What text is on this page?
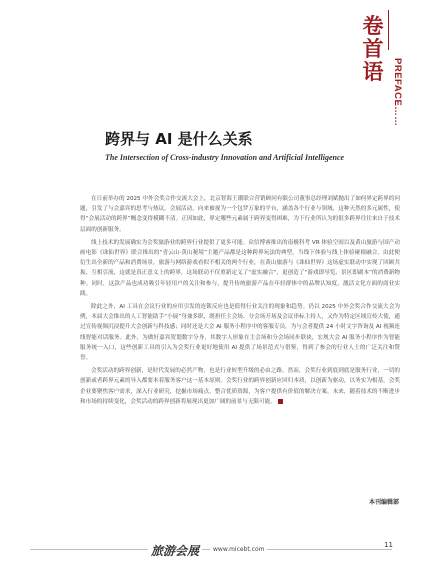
卷
首
语 PREFACE……
跨界与 AI 是什么关系

The Intersection of Cross-industry Innovation and Artificial Intelligence

在日前举办的 2025 中外会奖合作交流大会上，北京智海王潮联合营销顾问有限公司董事总经理刘斌抛出了如何界定跨界的问题，引发了与会嘉宾的思考与热议。会展活动，向来被视为一个包罗万象的平台，涵盖各个行业与领域，这种天然的多元属性，使得“会展活动的跨界”概念变得模糊不清。正因如此，界定哪些元素属于跨界变得困难，为下行业所认为的很多跨界往往来自于技术层面的创新服务。

线上技术的发展确实为会奖旅游业的跨界行业提供了更多可能。众信博睿推出的南极科考 VR 体验空间以及黄山旅游与国产动画电影《诛仙世界》联合推出的“青云山·黄山秘境”主题产品都是这种跨界玩法的典型。当线下体验与线上体验碰撞融合，由此便衍生出全新的产品和消费场景，旅游与网络游戏看似不相关的两个行业，在黄山旅游与《诛仙世界》这场虚实联动中实现了回顾共振、互相引流，这就是真正意义上的跨界，这场联动不仅重新定义了“虚实融合”，更创造了“游戏即导览、景区即副本”的消费新物种。同时，这款产品也成功吸引年轻用户的关注和参与，提升传统旅游产品在年轻群体中的品牌认知度，激活文化方面的商业实践。

除此之外，AI 工具在会议行业的应用引发的连锁反应也是值得行业关注的现象和趋势。仍以 2025 中外会奖合作交流大会为例，本届大会推出的人工智能助手“小展”身兼多职，既担任主会场、分会场开场及会议串标主持人，又作为特定区域宣传大使，通过宣传视频沉浸提升大会创新与科技感；同时还是大会 AI 服务小程序中的客服专员，为与会者提供 24 小时文字咨询及 AI 视频连线智能对话服务。此外，为做好嘉宾贺划数字分身，其数字人形象在主会场和分会场同步联袂，宏规大会 AI 服务小程序作为智能服务统一入口，这些创新工具的引入为会奖行业更好地使用 AI 提供了场景范式与借鉴，得到了参会的行业人士的广泛关注和赞誉。

会奖活动的跨界创新，是时代发展的必然产物，也是行业转型升级的必由之路。然而，会奖行业到底到底是服务行业，一切的创新或者跨界元素的导入都要本着服务客户这一基本原则。会奖行业的跨界创新应回归本质，以创新为驱动，以务实为根基，会奖企业要聚焦客户需求，深入行业研究，挖掘市场痛点，整合优质资源，为客户提供有价值的解决方案。未来，随着技术的不断进步和市场的持续变化，会奖活动的跨界创新将展现出更加广阔的前景与无限可能。

本刊编辑部
旅游会展	www.micebt.com
11
